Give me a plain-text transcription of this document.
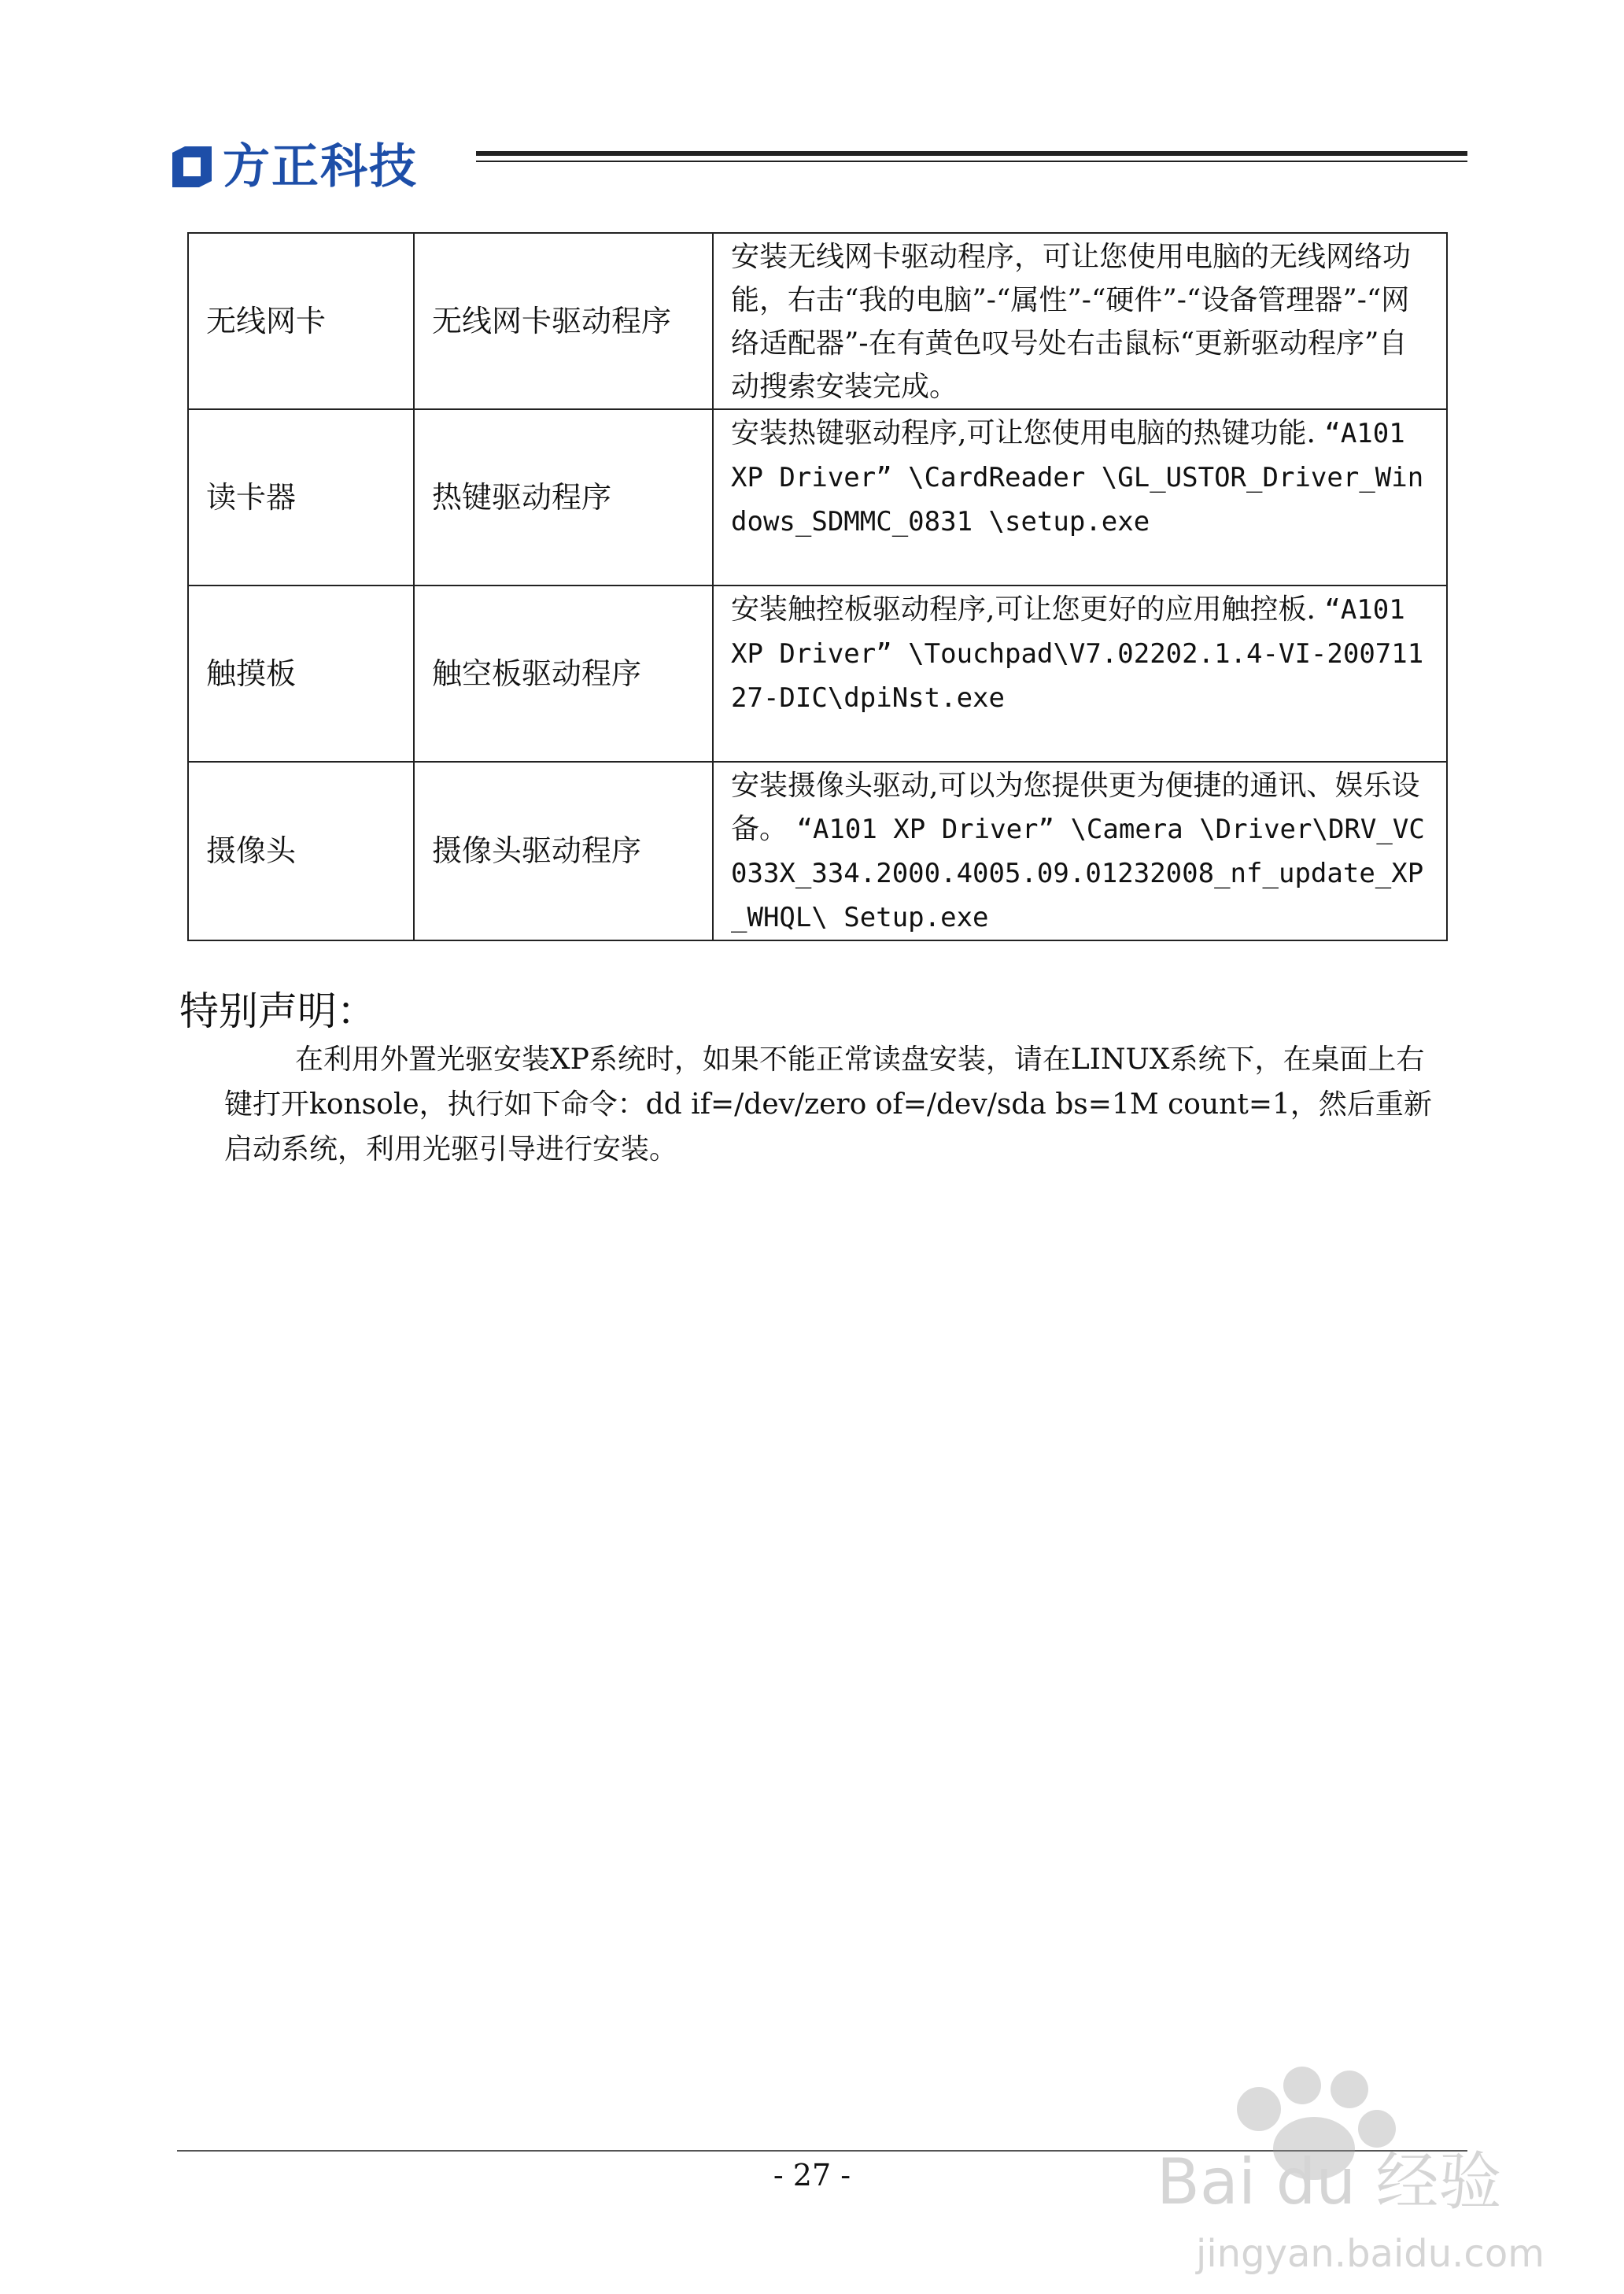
方正科技
无线网卡	无线网卡驱动程序	安装无线网卡驱动程序，可让您使用电脑的无线网络功能，右击“我的电脑”-“属性”-“硬件”-“设备管理器”-“网络适配器”-在有黄色叹号处右击鼠标“更新驱动程序”自动搜索安装完成。
读卡器	热键驱动程序	安装热键驱动程序,可让您使用电脑的热键功能. “A101 XP Driver” \CardReader \GL_USTOR_Driver_Windows_SDMMC_0831 \setup.exe
触摸板	触空板驱动程序	安装触控板驱动程序,可让您更好的应用触控板. “A101 XP Driver” \Touchpad\V7.02202.1.4-VI-20071127-DIC\dpiNst.exe
摄像头	摄像头驱动程序	安装摄像头驱动,可以为您提供更为便捷的通讯、娱乐设备。 “A101 XP Driver” \Camera \Driver\DRV_VC033X_334.2000.4005.09.01232008_nf_update_XP_WHQL\ Setup.exe
特别声明：
在利用外置光驱安装XP系统时，如果不能正常读盘安装，请在LINUX系统下，在桌面上右键打开konsole，执行如下命令：dd if=/dev/zero of=/dev/sda bs=1M count=1，然后重新启动系统，利用光驱引导进行安装。
- 27 -	Bai du 经验
jingyan.baidu.com
